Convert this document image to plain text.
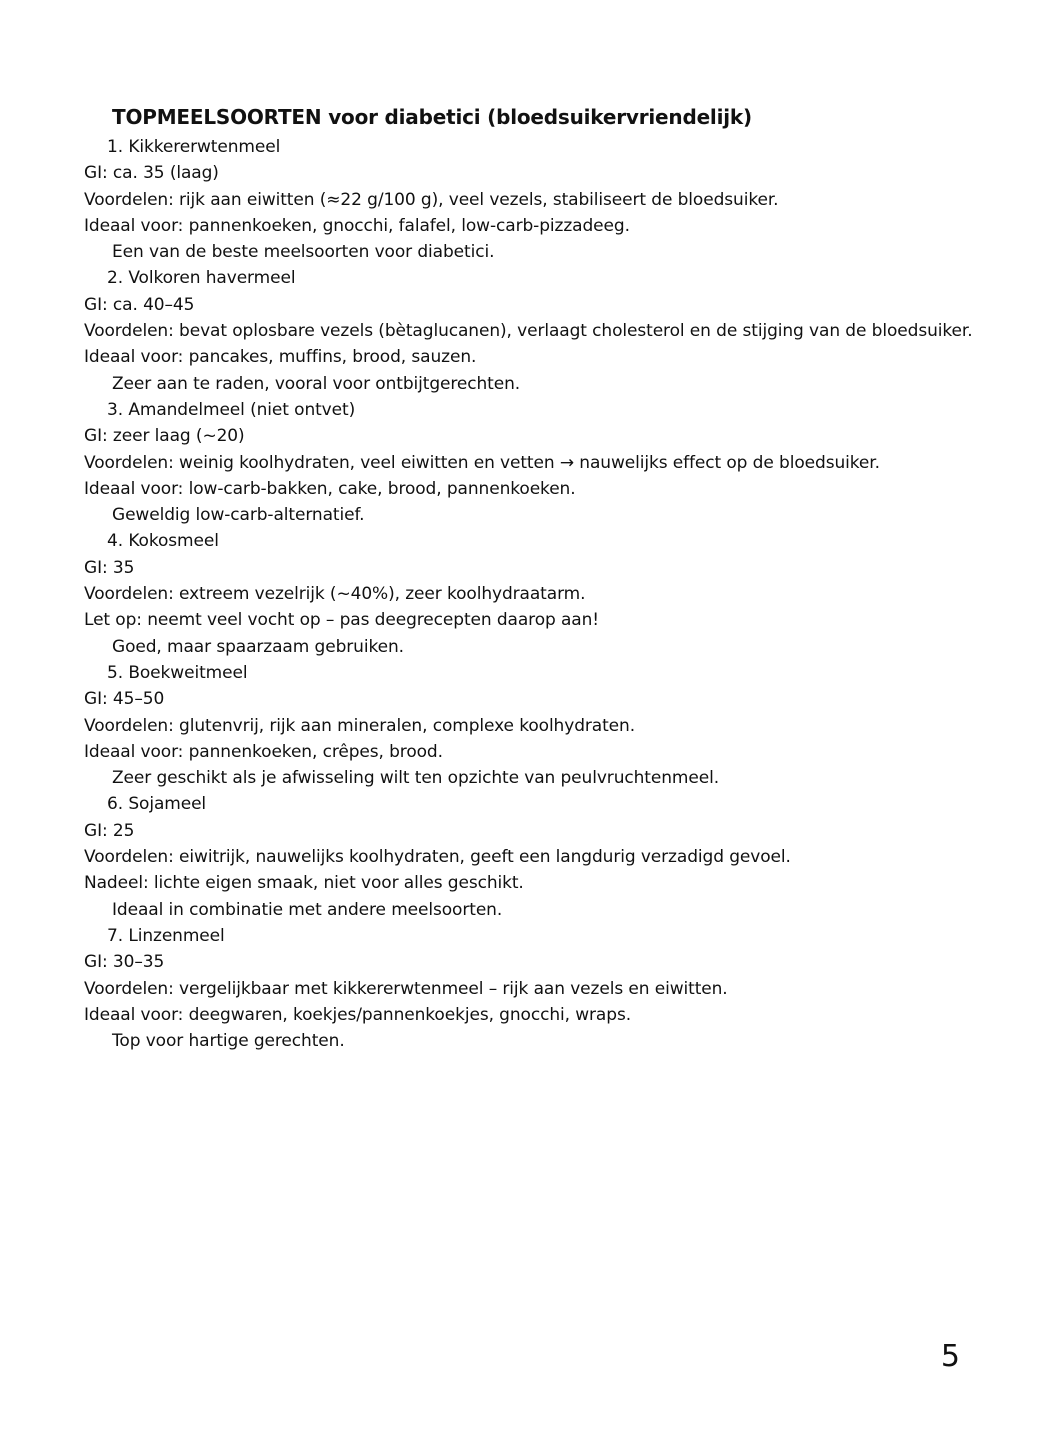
TOPMEELSOORTEN voor diabetici (bloedsuikervriendelijk)
1. Kikkererwtenmeel
GI: ca. 35 (laag)
Voordelen: rijk aan eiwitten (≈22 g/100 g), veel vezels, stabiliseert de bloedsuiker.
Ideaal voor: pannenkoeken, gnocchi, falafel, low-carb-pizzadeeg.
Een van de beste meelsoorten voor diabetici.
2. Volkoren havermeel
GI: ca. 40–45
Voordelen: bevat oplosbare vezels (bètaglucanen), verlaagt cholesterol en de stijging van de bloedsuiker.
Ideaal voor: pancakes, muffins, brood, sauzen.
Zeer aan te raden, vooral voor ontbijtgerechten.
3. Amandelmeel (niet ontvet)
GI: zeer laag (~20)
Voordelen: weinig koolhydraten, veel eiwitten en vetten → nauwelijks effect op de bloedsuiker.
Ideaal voor: low-carb-bakken, cake, brood, pannenkoeken.
Geweldig low-carb-alternatief.
4. Kokosmeel
GI: 35
Voordelen: extreem vezelrijk (~40%), zeer koolhydraatarm.
Let op: neemt veel vocht op – pas deegrecepten daarop aan!
Goed, maar spaarzaam gebruiken.
5. Boekweitmeel
GI: 45–50
Voordelen: glutenvrij, rijk aan mineralen, complexe koolhydraten.
Ideaal voor: pannenkoeken, crêpes, brood.
Zeer geschikt als je afwisseling wilt ten opzichte van peulvruchtenmeel.
6. Sojameel
GI: 25
Voordelen: eiwitrijk, nauwelijks koolhydraten, geeft een langdurig verzadigd gevoel.
Nadeel: lichte eigen smaak, niet voor alles geschikt.
Ideaal in combinatie met andere meelsoorten.
7. Linzenmeel
GI: 30–35
Voordelen: vergelijkbaar met kikkererwtenmeel – rijk aan vezels en eiwitten.
Ideaal voor: deegwaren, koekjes/pannenkoekjes, gnocchi, wraps.
Top voor hartige gerechten.
5
